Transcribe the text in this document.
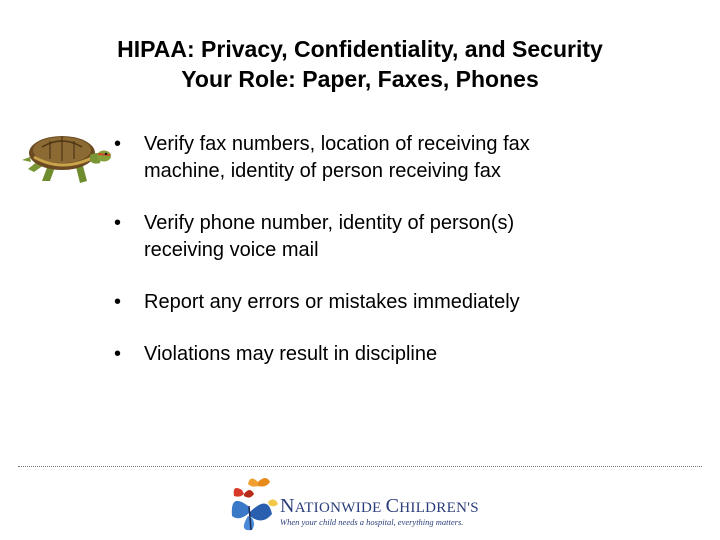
HIPAA: Privacy, Confidentiality, and Security
Your Role: Paper, Faxes, Phones
•	Verify fax numbers, location of receiving fax
machine, identity of person receiving fax
•	Verify phone number, identity of person(s)
receiving voice mail
•	Report any errors or mistakes immediately
•	Violations may result in discipline
NATIONWIDE CHILDREN'S
When your child needs a hospital, everything matters.
